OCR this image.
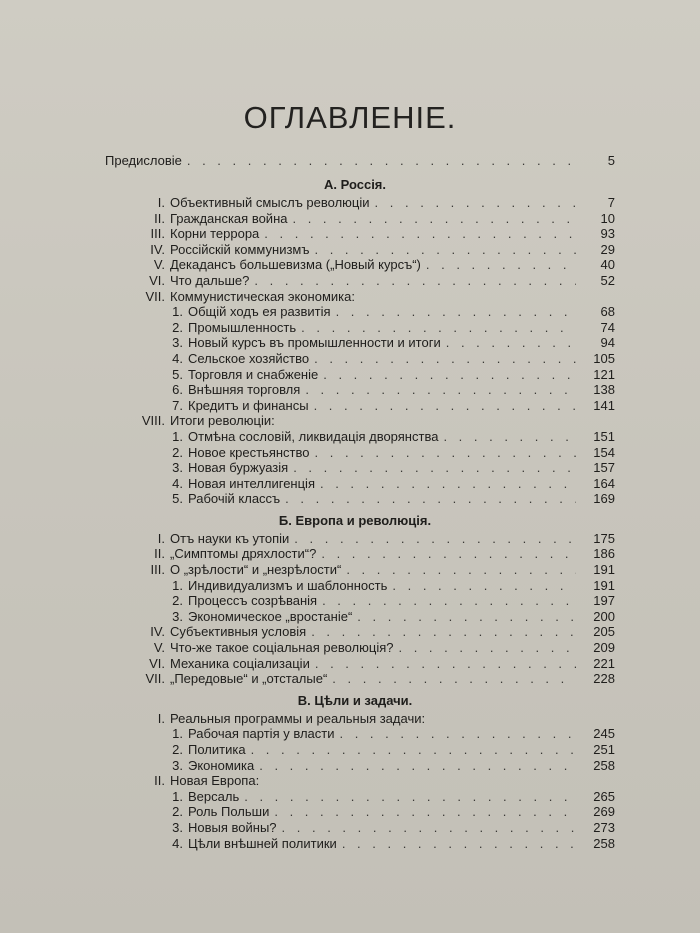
ОГЛАВЛЕНІЕ.
Предисловіе . . .	5
А. Россія.
I. Объективный смыслъ революціи . . .	7
II. Гражданская война . . .	10
III. Корни террора . . .	93
IV. Россійскій коммунизмъ . . .	29
V. Декадансъ большевизма („Новый курсъ“) . . .	40
VI. Что дальше? . . .	52
VII. Коммунистическая экономика:
1. Общій ходъ ея развитія . . .	68
2. Промышленность . . .	74
3. Новый курсъ въ промышленности и итоги . . .	94
4. Сельское хозяйство . . .	105
5. Торговля и снабженіе . . .	121
6. Внѣшняя торговля . . .	138
7. Кредитъ и финансы . . .	141
VIII. Итоги революціи:
1. Отмѣна сословій, ликвидація дворянства . . .	151
2. Новое крестьянство . . .	154
3. Новая буржуазія . . .	157
4. Новая интеллигенція . . .	164
5. Рабочій классъ . . .	169
Б. Европа и революція.
I. Отъ науки къ утопіи . . .	175
II. „Симптомы дряхлости“? . . .	186
III. О „зрѣлости“ и „незрѣлости“ . . .	191
1. Индивидуализмъ и шаблонность . . .	191
2. Процессъ созрѣванія . . .	197
3. Экономическое „вростаніе“ . . .	200
IV. Субъективныя условія . . .	205
V. Что-же такое соціальная революція? . . .	209
VI. Механика соціализаціи . . .	221
VII. „Передовые“ и „отсталые“ . . .	228
В. Цѣли и задачи.
I. Реальныя программы и реальныя задачи:
1. Рабочая партія у власти . . .	245
2. Политика . . .	251
3. Экономика . . .	258
II. Новая Европа:
1. Версаль . . .	265
2. Роль Польши . . .	269
3. Новыя войны? . . .	273
4. Цѣли внѣшней политики . . .	258
